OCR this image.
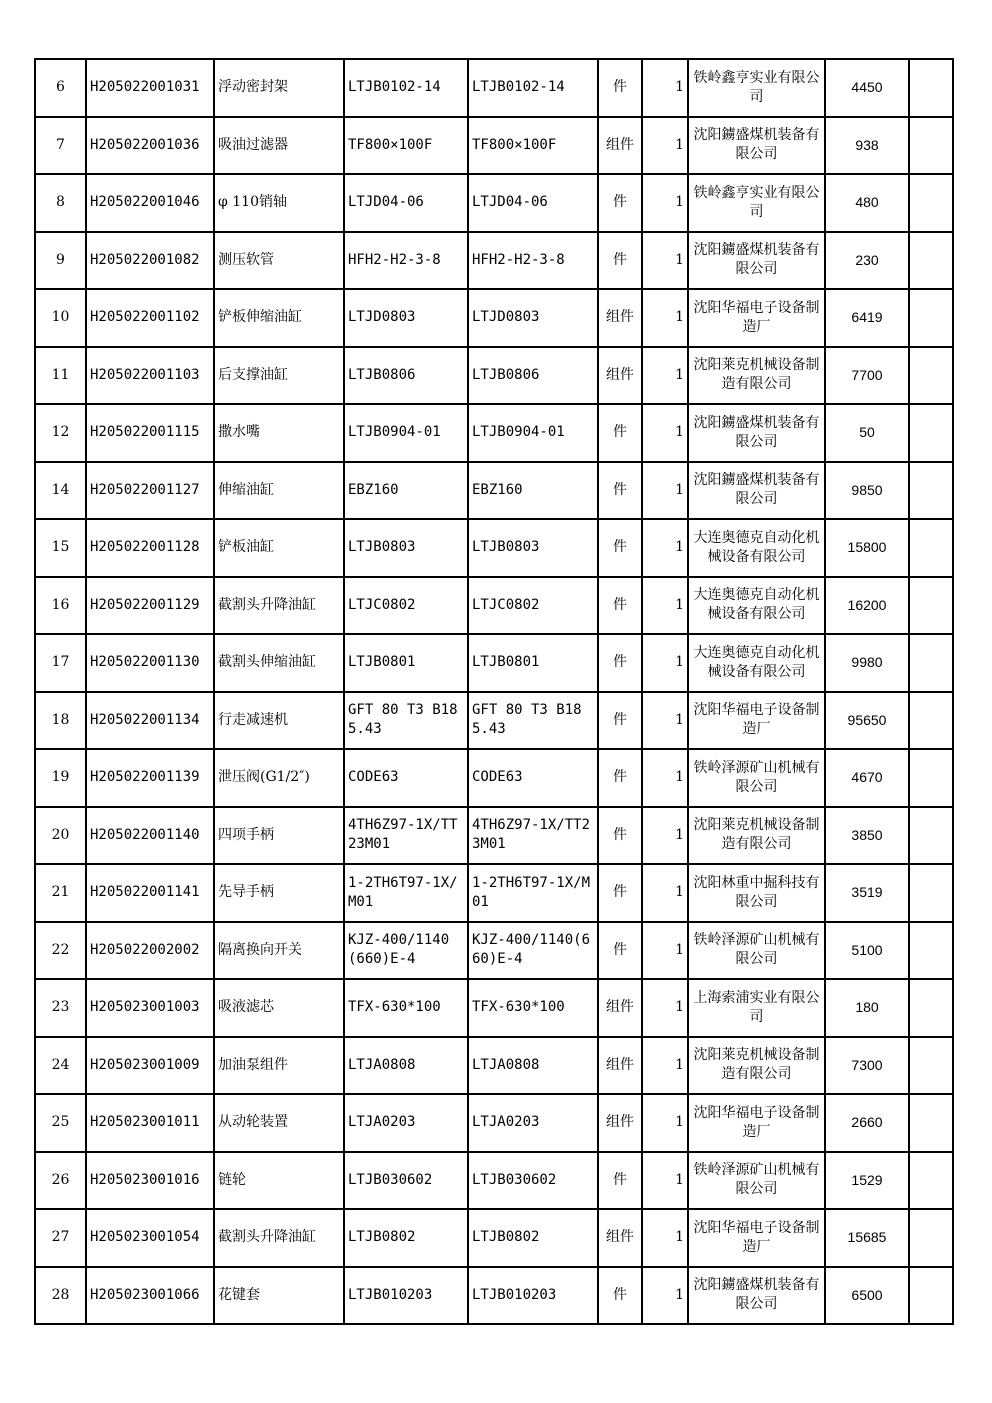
6	H205022001031	浮动密封架	LTJB0102-14	LTJB0102-14	件	1	铁岭鑫亨实业有限公司	4450	
7	H205022001036	吸油过滤器	TF800×100F	TF800×100F	组件	1	沈阳鐪盛煤机装备有限公司	938	
8	H205022001046	φ 110销轴	LTJD04-06	LTJD04-06	件	1	铁岭鑫亨实业有限公司	480	
9	H205022001082	测压软管	HFH2-H2-3-8	HFH2-H2-3-8	件	1	沈阳鐪盛煤机装备有限公司	230	
10	H205022001102	铲板伸缩油缸	LTJD0803	LTJD0803	组件	1	沈阳华福电子设备制造厂	6419	
11	H205022001103	后支撑油缸	LTJB0806	LTJB0806	组件	1	沈阳莱克机械设备制造有限公司	7700	
12	H205022001115	撒水嘴	LTJB0904-01	LTJB0904-01	件	1	沈阳鐪盛煤机装备有限公司	50	
14	H205022001127	伸缩油缸	EBZ160	EBZ160	件	1	沈阳鐪盛煤机装备有限公司	9850	
15	H205022001128	铲板油缸	LTJB0803	LTJB0803	件	1	大连奥德克自动化机械设备有限公司	15800	
16	H205022001129	截割头升降油缸	LTJC0802	LTJC0802	件	1	大连奥德克自动化机械设备有限公司	16200	
17	H205022001130	截割头伸缩油缸	LTJB0801	LTJB0801	件	1	大连奥德克自动化机械设备有限公司	9980	
18	H205022001134	行走减速机	GFT 80 T3 B185.43	GFT 80 T3 B185.43	件	1	沈阳华福电子设备制造厂	95650	
19	H205022001139	泄压阀(G1/2″)	CODE63	CODE63	件	1	铁岭泽源矿山机械有限公司	4670	
20	H205022001140	四项手柄	4TH6Z97-1X/TT23M01	4TH6Z97-1X/TT23M01	件	1	沈阳莱克机械设备制造有限公司	3850	
21	H205022001141	先导手柄	1-2TH6T97-1X/M01	1-2TH6T97-1X/M01	件	1	沈阳林重中掘科技有限公司	3519	
22	H205022002002	隔离换向开关	KJZ-400/1140(660)E-4	KJZ-400/1140(660)E-4	件	1	铁岭泽源矿山机械有限公司	5100	
23	H205023001003	吸液滤芯	TFX-630*100	TFX-630*100	组件	1	上海索浦实业有限公司	180	
24	H205023001009	加油泵组件	LTJA0808	LTJA0808	组件	1	沈阳莱克机械设备制造有限公司	7300	
25	H205023001011	从动轮装置	LTJA0203	LTJA0203	组件	1	沈阳华福电子设备制造厂	2660	
26	H205023001016	链轮	LTJB030602	LTJB030602	件	1	铁岭泽源矿山机械有限公司	1529	
27	H205023001054	截割头升降油缸	LTJB0802	LTJB0802	组件	1	沈阳华福电子设备制造厂	15685	
28	H205023001066	花键套	LTJB010203	LTJB010203	件	1	沈阳鐪盛煤机装备有限公司	6500	
